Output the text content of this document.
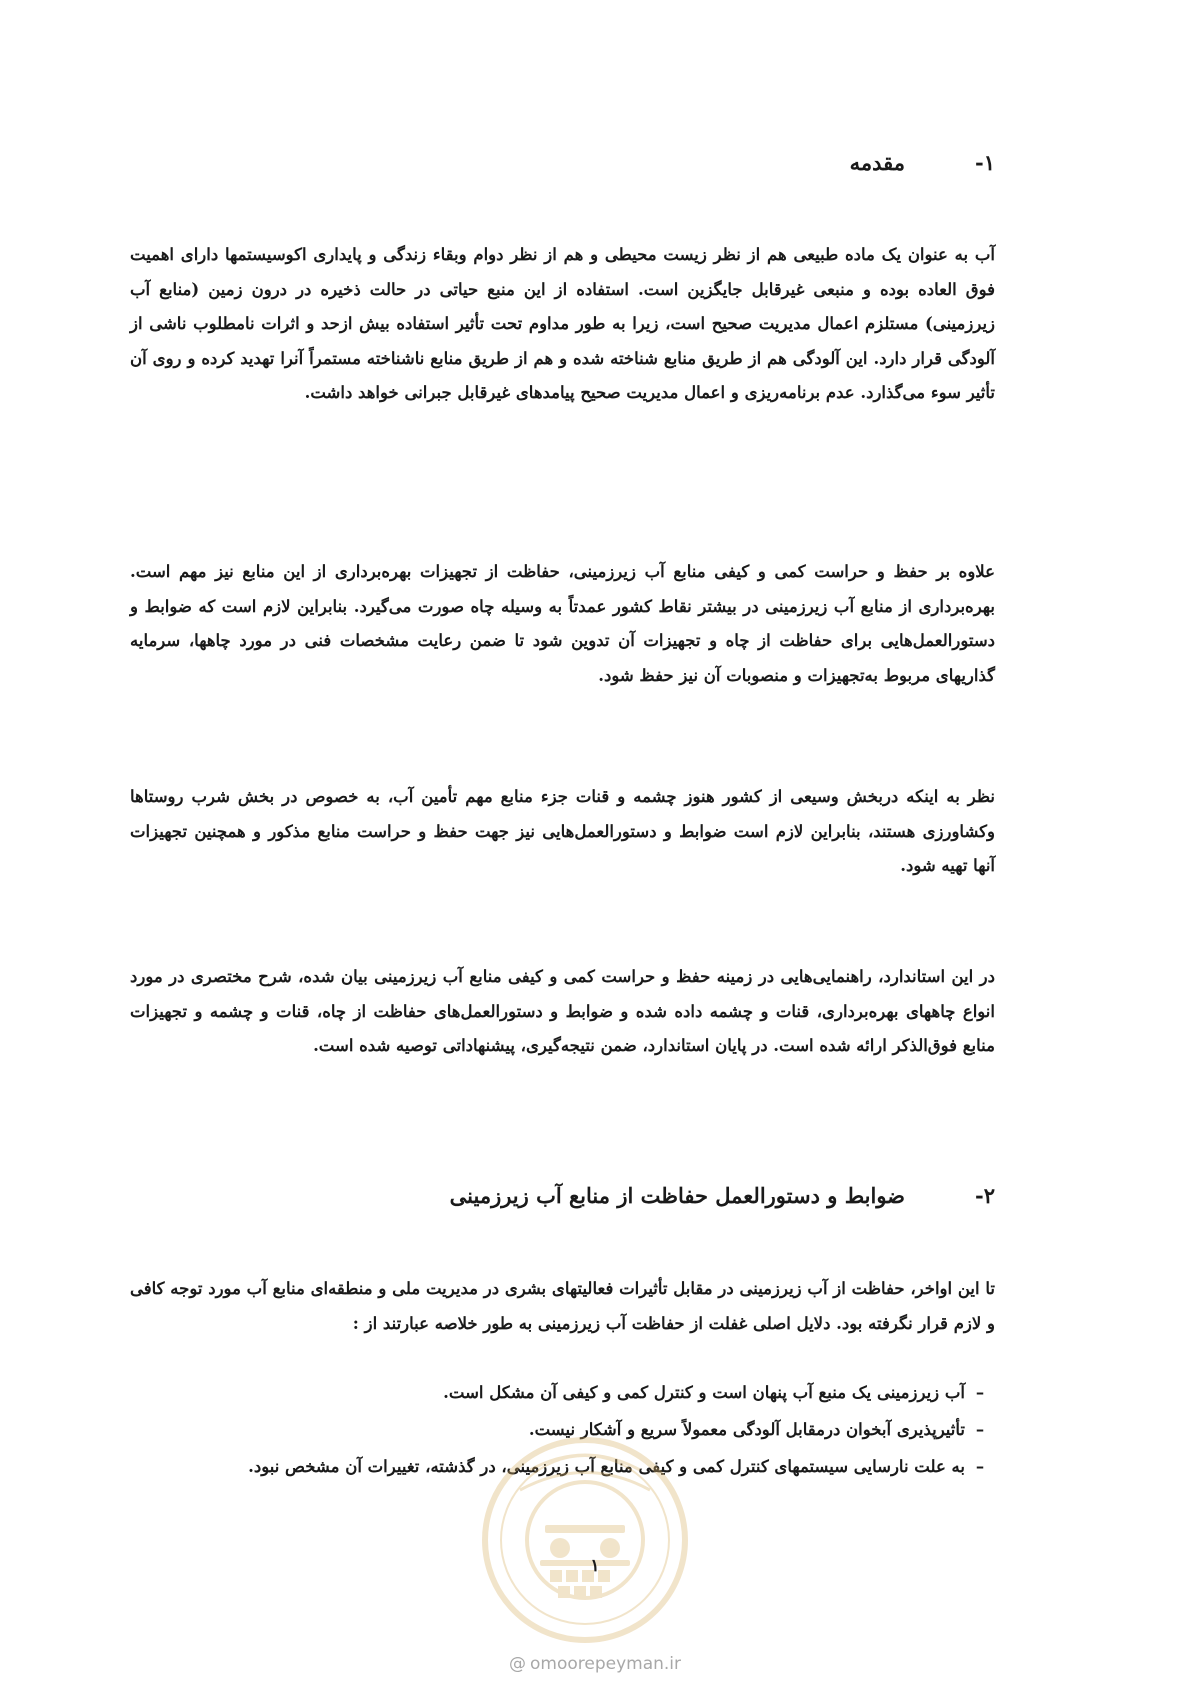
۱-
مقدمه

آب به عنوان یک ماده طبیعی هم از نظر زیست محیطی و هم از نظر دوام وبقاء زندگی و پایداری اکوسیستمها دارای اهمیت فوق العاده بوده و منبعی غیرقابل جایگزین است. استفاده از این منبع حیاتی در حالت ذخیره در درون زمین (منابع آب زیرزمینی) مستلزم اعمال مدیریت صحیح است، زیرا به طور مداوم تحت تأثیر استفاده بیش ازحد و اثرات نامطلوب ناشی از آلودگی قرار دارد. این آلودگی هم از طریق منابع شناخته شده و هم از طریق منابع ناشناخته مستمراً آنرا تهدید کرده و روی آن تأثیر سوء می‌گذارد. عدم برنامه‌ریزی و اعمال مدیریت صحیح پیامدهای غیرقابل جبرانی خواهد داشت.

علاوه بر حفظ و حراست کمی و کیفی منابع آب زیرزمینی، حفاظت از تجهیزات بهره‌برداری از این منابع نیز مهم است. بهره‌برداری از منابع آب زیرزمینی در بیشتر نقاط کشور عمدتاً به وسیله چاه صورت می‌گیرد. بنابراین لازم است که ضوابط و دستورالعمل‌هایی برای حفاظت از چاه و تجهیزات آن تدوین شود تا ضمن رعایت مشخصات فنی در مورد چاهها، سرمایه گذاریهای مربوط به‌تجهیزات و منصوبات آن نیز حفظ شود.

نظر به اینکه دربخش وسیعی از کشور هنوز چشمه و قنات جزء منابع مهم تأمین آب، به خصوص در بخش شرب روستاها وکشاورزی هستند، بنابراین لازم است ضوابط و دستورالعمل‌هایی نیز جهت حفظ و حراست منابع مذکور و همچنین تجهیزات آنها تهیه شود.

در این استاندارد، راهنمایی‌هایی در زمینه حفظ و حراست کمی و کیفی منابع آب زیرزمینی بیان شده، شرح مختصری در مورد انواع چاههای بهره‌برداری، قنات و چشمه داده شده و ضوابط و دستورالعمل‌های حفاظت از چاه، قنات و چشمه و تجهیزات منابع فوق‌الذکر ارائه شده است. در پایان استاندارد، ضمن نتیجه‌گیری، پیشنهاداتی توصیه شده است.

۲-
ضوابط و دستورالعمل حفاظت از منابع آب زیرزمینی

تا این اواخر، حفاظت از آب زیرزمینی در مقابل تأثیرات فعالیتهای بشری در مدیریت ملی و منطقه‌ای منابع آب مورد توجه کافی و لازم قرار نگرفته بود. دلایل اصلی غفلت از حفاظت آب زیرزمینی به طور خلاصه عبارتند از :

–
آب زیرزمینی یک منبع آب پنهان است و کنترل کمی و کیفی آن مشکل است.
–
تأثیرپذیری آبخوان درمقابل آلودگی معمولاً سریع و آشکار نیست.
–
به علت نارسایی سیستمهای کنترل کمی و کیفی منابع آب زیرزمینی، در گذشته، تغییرات آن مشخص نبود.
۱
@ omoorepeyman.ir
